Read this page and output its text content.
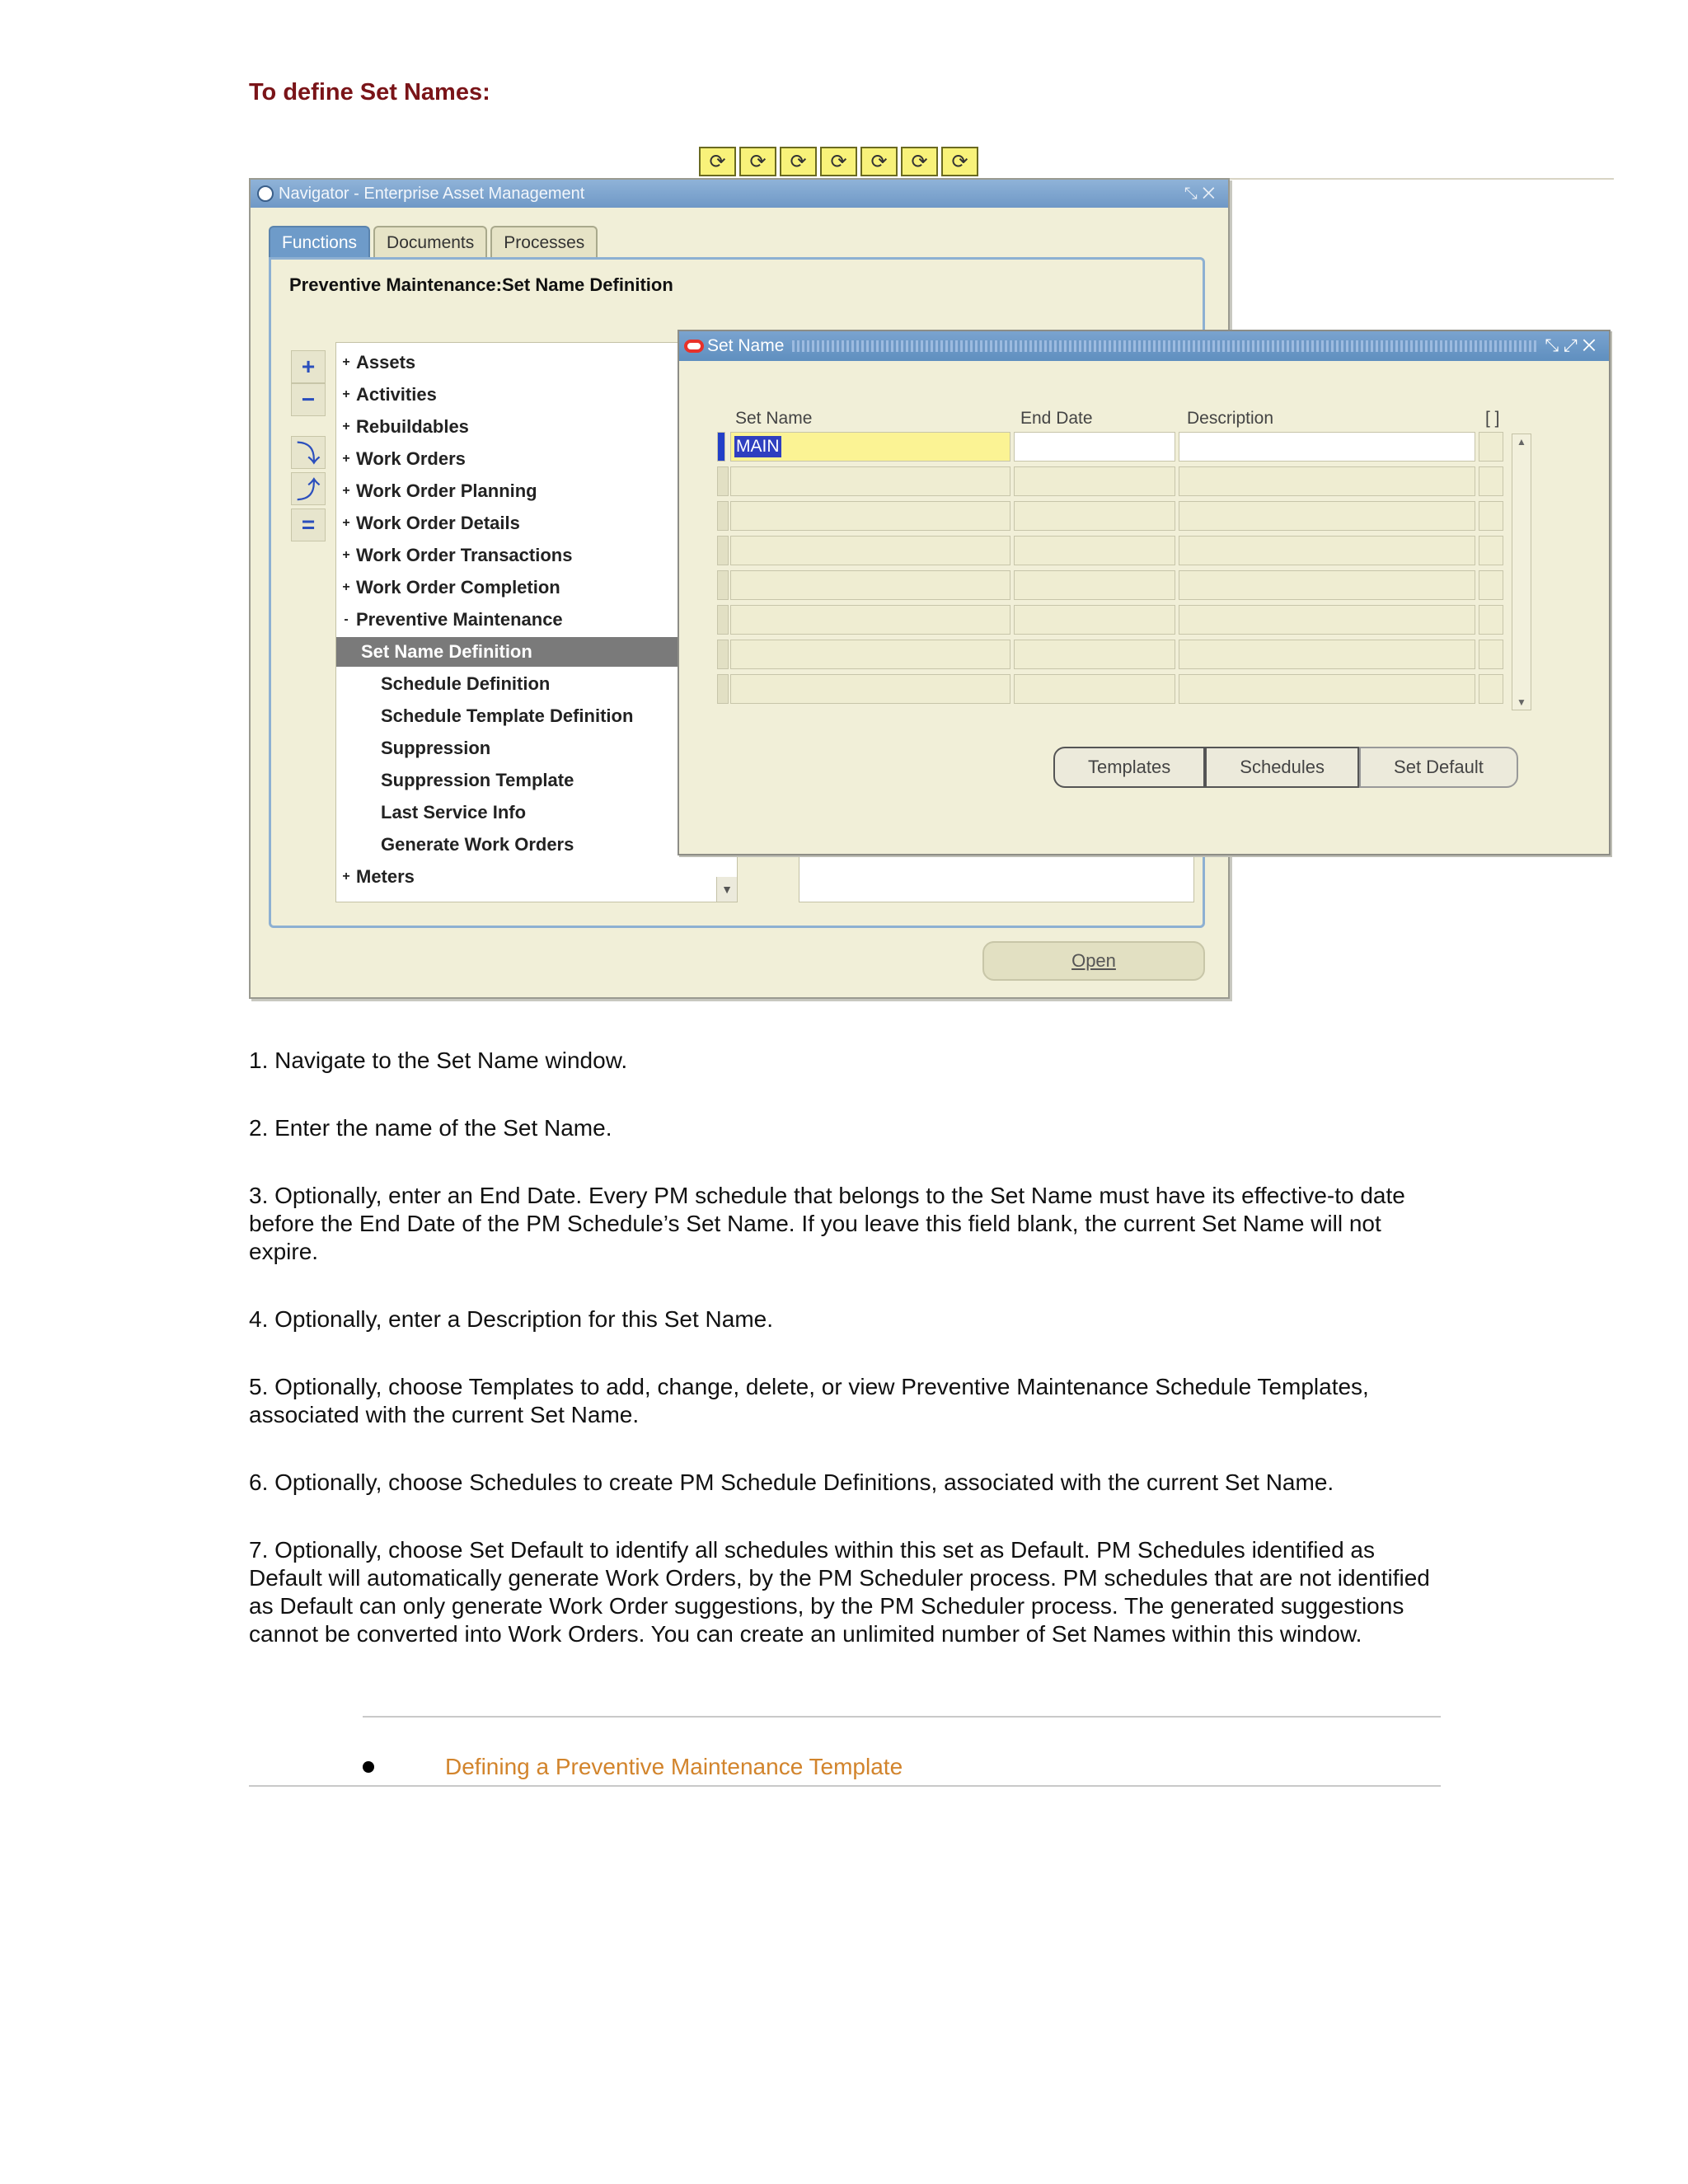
To define Set Names:
⟳	⟳	⟳	⟳	⟳	⟳	⟳
Navigator - Enterprise Asset Management	⤡✕
Functions	Documents	Processes
Preventive Maintenance:Set Name Definition
+
−
⤵
⤴
=
+ Assets
+ Activities
+ Rebuildables
+ Work Orders
+ Work Order Planning
+ Work Order Details
+ Work Order Transactions
+ Work Order Completion
- Preventive Maintenance
Set Name Definition
Schedule Definition
Schedule Template Definition
Suppression
Suppression Template
Last Service Info
Generate Work Orders
+ Meters
▼
Open
Set Name	⤡⤢✕
Set Name	End Date	Description	[ ]
MAIN	▲
▼
Templates	Schedules	Set Default
1. Navigate to the Set Name window.
2. Enter the name of the Set Name.
3. Optionally, enter an End Date. Every PM schedule that belongs to the Set Name must have its effective-to date before the End Date of the PM Schedule’s Set Name. If you leave this field blank, the current Set Name will not expire.
4. Optionally, enter a Description for this Set Name.
5. Optionally, choose Templates to add, change, delete, or view Preventive Maintenance Schedule Templates, associated with the current Set Name.
6. Optionally, choose Schedules to create PM Schedule Definitions, associated with the current Set Name.
7. Optionally, choose Set Default to identify all schedules within this set as Default. PM Schedules identified as Default will automatically generate Work Orders, by the PM Scheduler process. PM schedules that are not identified as Default can only generate Work Order suggestions, by the PM Scheduler process. The generated suggestions cannot be converted into Work Orders. You can create an unlimited number of Set Names within this window.
Defining a Preventive Maintenance Template
